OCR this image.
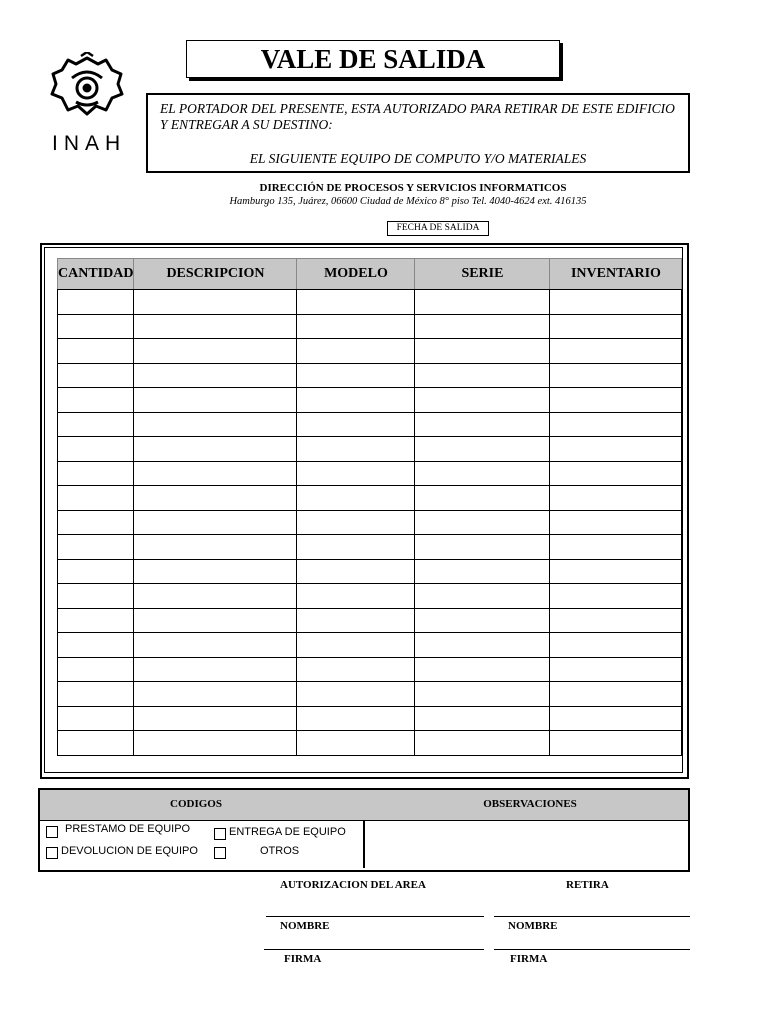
INAH
VALE DE SALIDA
EL PORTADOR DEL PRESENTE, ESTA AUTORIZADO PARA RETIRAR DE ESTE EDIFICIO Y ENTREGAR A SU DESTINO:
EL SIGUIENTE EQUIPO DE COMPUTO Y/O MATERIALES
DIRECCIÓN DE PROCESOS Y SERVICIOS INFORMATICOS
Hamburgo 135, Juárez, 06600 Ciudad de México 8° piso Tel. 4040-4624 ext. 416135
FECHA DE SALIDA
CANTIDAD	DESCRIPCION	MODELO	SERIE	INVENTARIO

CODIGOS	OBSERVACIONES
PRESTAMO DE EQUIPO	ENTREGA DE EQUIPO
DEVOLUCION DE EQUIPO	OTROS
AUTORIZACION DEL AREA	RETIRA
NOMBRE	NOMBRE
FIRMA	FIRMA
